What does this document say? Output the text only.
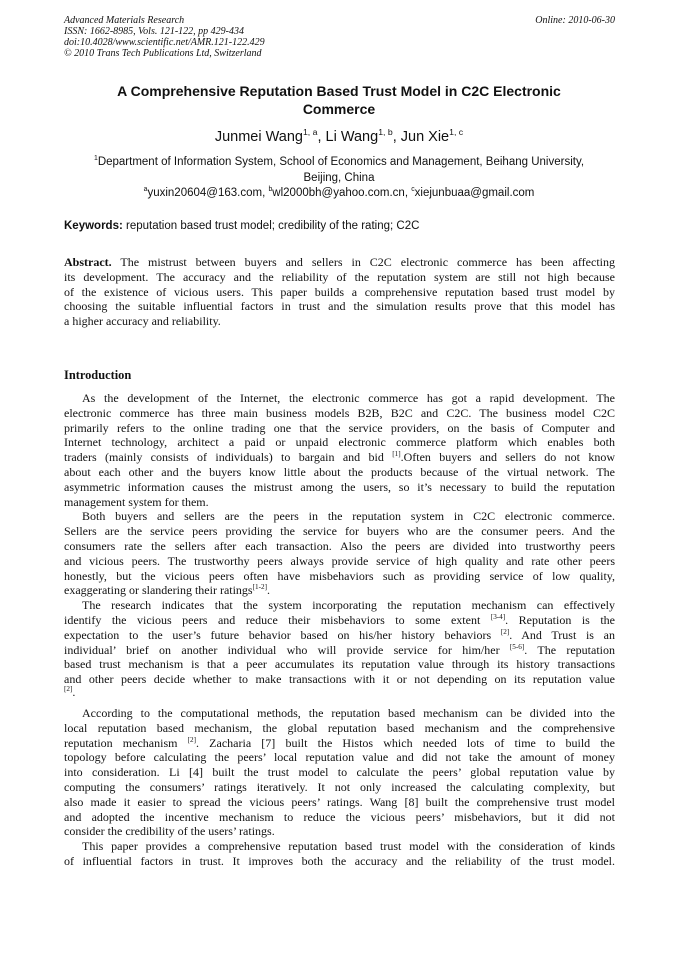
Advanced Materials Research
ISSN: 1662-8985, Vols. 121-122, pp 429-434
doi:10.4028/www.scientific.net/AMR.121-122.429
© 2010 Trans Tech Publications Ltd, Switzerland
Online: 2010-06-30
A Comprehensive Reputation Based Trust Model in C2C Electronic
Commerce
Junmei Wang$^{1, a}$, Li Wang$^{1, b}$, Jun Xie$^{1, c}$
$^1$Department of Information System, School of Economics and Management, Beihang University,
Beijing, China
$^a$yuxin20604@163.com, $^b$wl2000bh@yahoo.com.cn, $^c$xiejunbuaa@gmail.com
Keywords: reputation based trust model; credibility of the rating; C2C
Abstract. The mistrust between buyers and sellers in C2C electronic commerce has been affecting
its development. The accuracy and the reliability of the reputation system are still not high because
of the existence of vicious users. This paper builds a comprehensive reputation based trust model by
choosing the suitable influential factors in trust and the simulation results prove that this model has
a higher accuracy and reliability.
Introduction
As the development of the Internet, the electronic commerce has got a rapid development. The
electronic commerce has three main business models B2B, B2C and C2C. The business model C2C
primarily refers to the online trading one that the service providers, on the basis of Computer and
Internet technology, architect a paid or unpaid electronic commerce platform which enables both
traders (mainly consists of individuals) to bargain and bid [1].Often buyers and sellers do not know
about each other and the buyers know little about the products because of the virtual network. The
asymmetric information causes the mistrust among the users, so it’s necessary to build the reputation
management system for them.
Both buyers and sellers are the peers in the reputation system in C2C electronic commerce.
Sellers are the service peers providing the service for buyers who are the consumer peers. And the
consumers rate the sellers after each transaction. Also the peers are divided into trustworthy peers
and vicious peers. The trustworthy peers always provide service of high quality and rate other peers
honestly, but the vicious peers often have misbehaviors such as providing service of low quality,
exaggerating or slandering their ratings[1-2].
The research indicates that the system incorporating the reputation mechanism can effectively
identify the vicious peers and reduce their misbehaviors to some extent [3-4]. Reputation is the
expectation to the user’s future behavior based on his/her history behaviors [2]. And Trust is an
individual’ brief on another individual who will provide service for him/her [5-6]. The reputation
based trust mechanism is that a peer accumulates its reputation value through its history transactions
and other peers decide whether to make transactions with it or not depending on its reputation value
[2].
According to the computational methods, the reputation based mechanism can be divided into the
local reputation based mechanism, the global reputation based mechanism and the comprehensive
reputation mechanism [2]. Zacharia [7] built the Histos which needed lots of time to build the
topology before calculating the peers’ local reputation value and did not take the amount of money
into consideration. Li [4] built the trust model to calculate the peers’ global reputation value by
computing the consumers’ ratings iteratively. It not only increased the calculating complexity, but
also made it easier to spread the vicious peers’ ratings. Wang [8] built the comprehensive trust model
and adopted the incentive mechanism to reduce the vicious peers’ misbehaviors, but it did not
consider the credibility of the users’ ratings.
This paper provides a comprehensive reputation based trust model with the consideration of kinds
of influential factors in trust. It improves both the accuracy and the reliability of the trust model.
